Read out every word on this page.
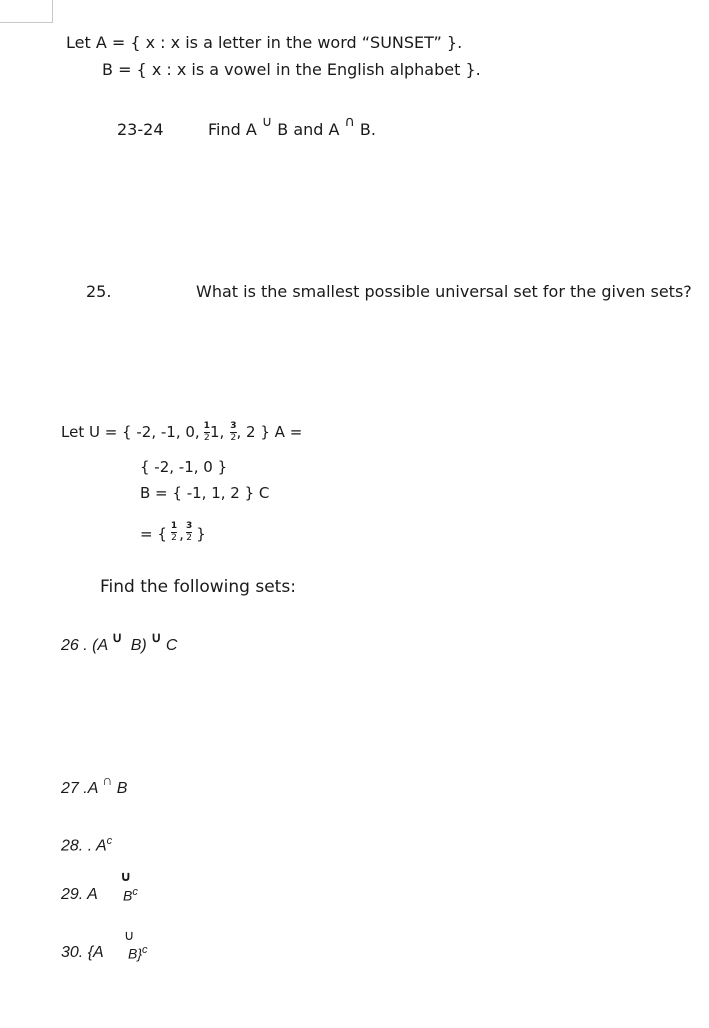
Let A = { x : x is a letter in the word “SUNSET” }.
B = { x : x is a vowel in the English alphabet }.
23-24	Find A ∪ B and A ∩ B.
25.	What is the smallest possible universal set for the given sets?
Let U = { -2, -1, 0, $\frac{1}{2} 1$, $\frac{3}{2}$ , 2 } A =
{ -2, -1, 0 }
B = { -1, 1, 2 } C
= { $\frac{1}{2}$ , $\frac{3}{2}$ }
Find the following sets:
26 . (A ∪ B) ∪ C
27 .A ∩ B
28. . $A^c$
29. A
∪
$B^c$
30. {A
∪
B}$^c$
